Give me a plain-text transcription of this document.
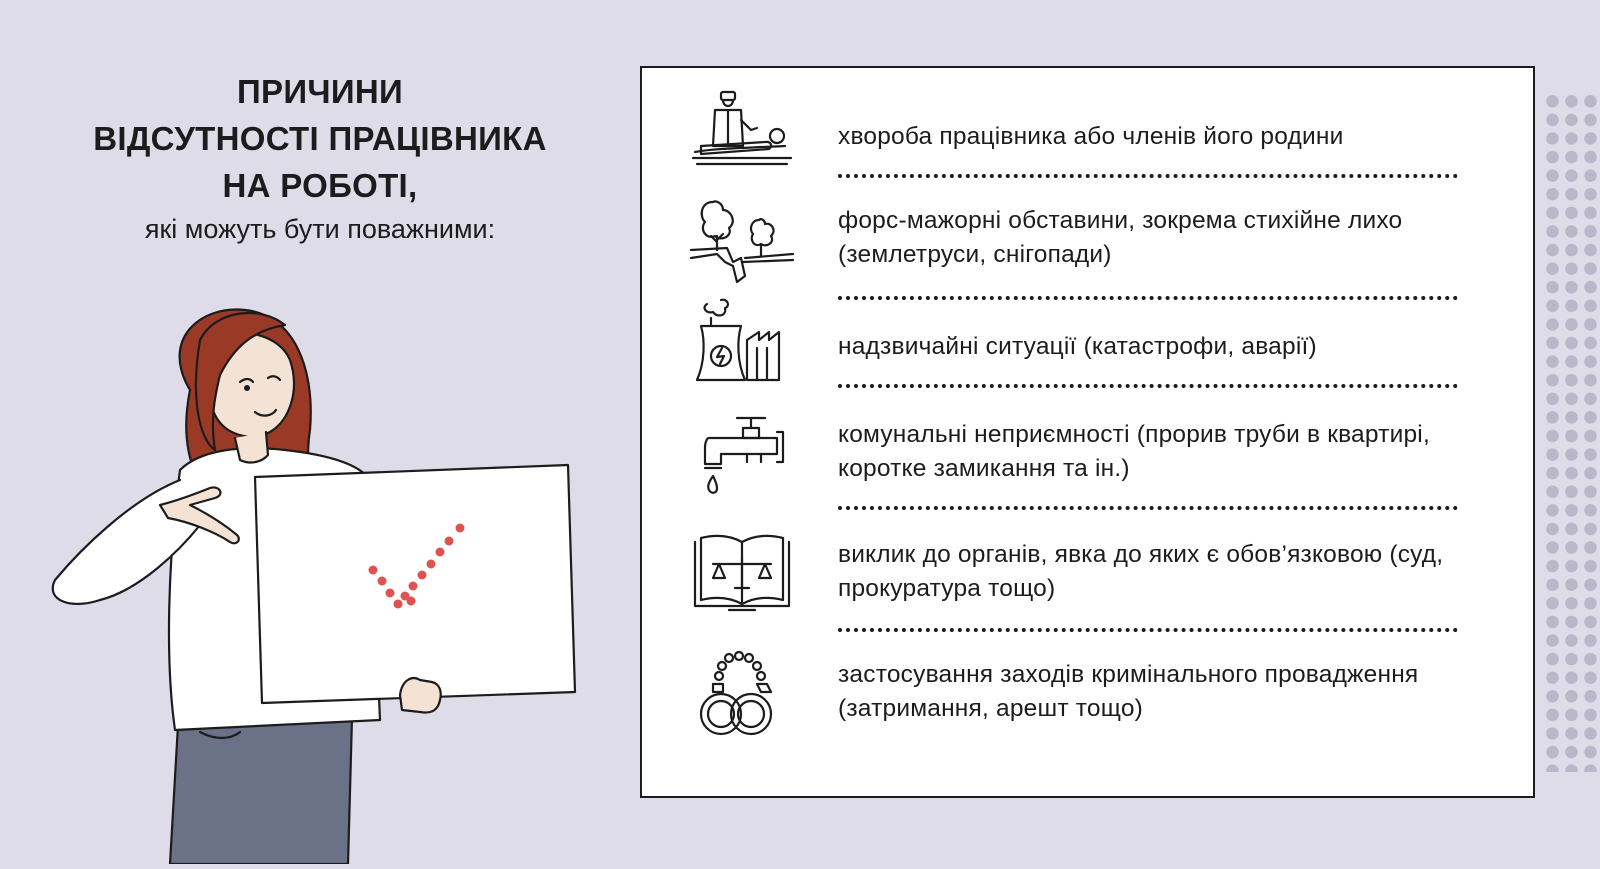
ПРИЧИНИ
ВІДСУТНОСТІ ПРАЦІВНИКА
НА РОБОТІ,
які можуть бути поважними:
хвороба працівника або членів його родини
форс-мажорні обставини, зокрема стихійне лихо (землетруси, снігопади)
надзвичайні ситуації (катастрофи, аварії)
комунальні неприємності (прорив труби в квартирі, коротке замикання та ін.)
виклик до органів, явка до яких є обов’язковою (суд, прокуратура тощо)
застосування заходів кримінального провадження (затримання, арешт тощо)
